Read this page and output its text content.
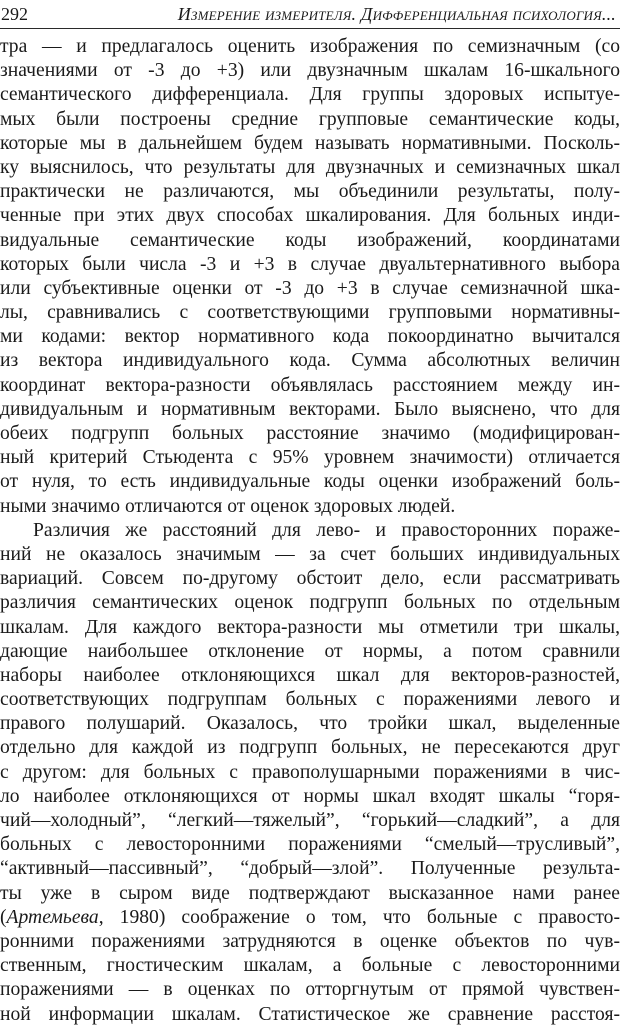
292	Измерение измерителя. Дифференциальная психология...
тра — и предлагалось оценить изображения по семизначным (со
значениями от -3 до +3) или двузначным шкалам 16-шкального
семантического дифференциала. Для группы здоровых испытуе-
мых были построены средние групповые семантические коды,
которые мы в дальнейшем будем называть нормативными. Посколь-
ку выяснилось, что результаты для двузначных и семизначных шкал
практически не различаются, мы объединили результаты, полу-
ченные при этих двух способах шкалирования. Для больных инди-
видуальные семантические коды изображений, координатами
которых были числа -3 и +3 в случае двуальтернативного выбора
или субъективные оценки от -3 до +3 в случае семизначной шка-
лы, сравнивались с соответствующими групповыми нормативны-
ми кодами: вектор нормативного кода покоординатно вычитался
из вектора индивидуального кода. Сумма абсолютных величин
координат вектора-разности объявлялась расстоянием между ин-
дивидуальным и нормативным векторами. Было выяснено, что для
обеих подгрупп больных расстояние значимо (модифицирован-
ный критерий Стьюдента с 95% уровнем значимости) отличается
от нуля, то есть индивидуальные коды оценки изображений боль-
ными значимо отличаются от оценок здоровых людей.
Различия же расстояний для лево- и правосторонних пораже-
ний не оказалось значимым — за счет больших индивидуальных
вариаций. Совсем по-другому обстоит дело, если рассматривать
различия семантических оценок подгрупп больных по отдельным
шкалам. Для каждого вектора-разности мы отметили три шкалы,
дающие наибольшее отклонение от нормы, а потом сравнили
наборы наиболее отклоняющихся шкал для векторов-разностей,
соответствующих подгруппам больных с поражениями левого и
правого полушарий. Оказалось, что тройки шкал, выделенные
отдельно для каждой из подгрупп больных, не пересекаются друг
с другом: для больных с правополушарными поражениями в чис-
ло наиболее отклоняющихся от нормы шкал входят шкалы “горя-
чий—холодный”, “легкий—тяжелый”, “горький—сладкий”, а для
больных с левосторонними поражениями “смелый—трусливый”,
“активный—пассивный”, “добрый—злой”. Полученные результа-
ты уже в сыром виде подтверждают высказанное нами ранее
(Артемьева, 1980) соображение о том, что больные с правосто-
ронними поражениями затрудняются в оценке объектов по чув-
ственным, гностическим шкалам, а больные с левосторонними
поражениями — в оценках по отторгнутым от прямой чувствен-
ной информации шкалам. Статистическое же сравнение расстоя-
